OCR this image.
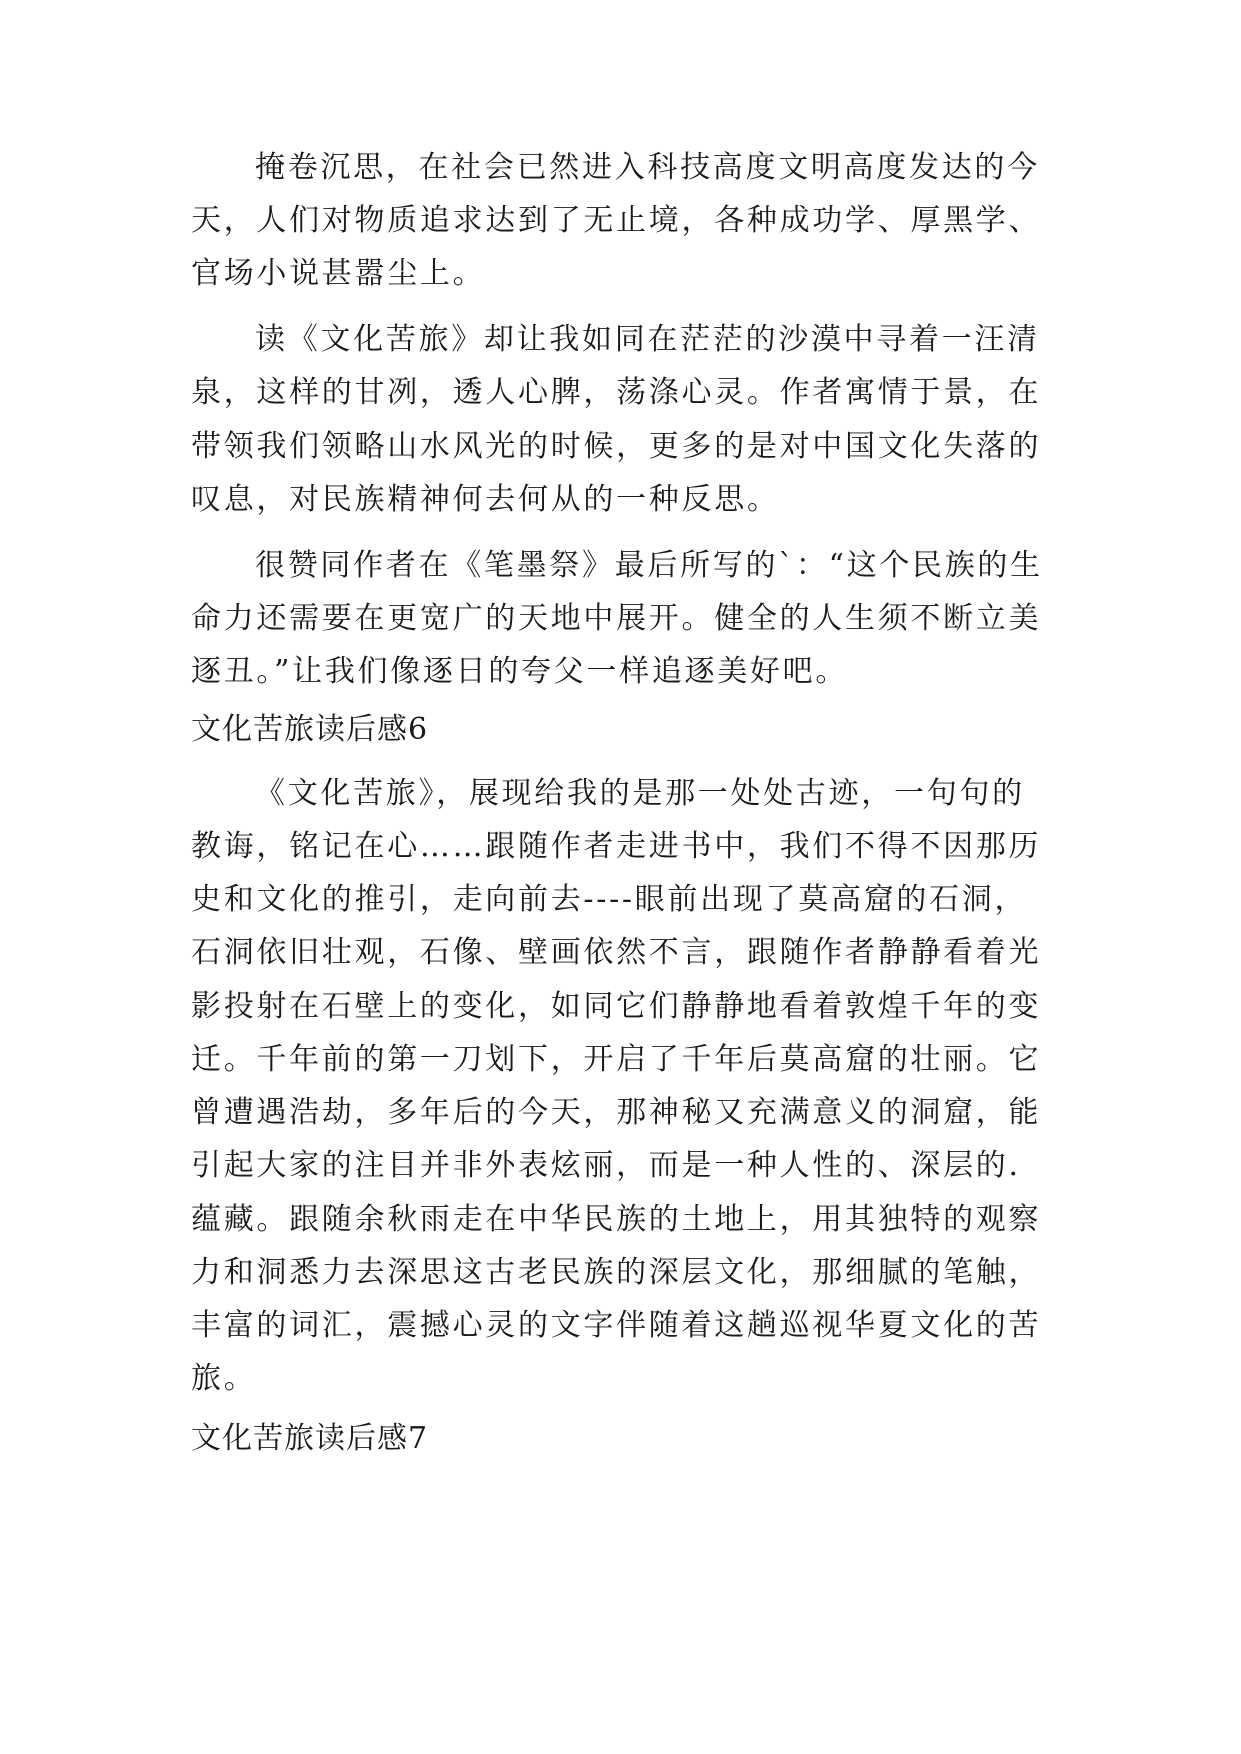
掩卷沉思，在社会已然进入科技高度文明高度发达的今
天，人们对物质追求达到了无止境，各种成功学、厚黑学、
官场小说甚嚣尘上。
读《文化苦旅》却让我如同在茫茫的沙漠中寻着一汪清
泉，这样的甘冽，透人心脾，荡涤心灵。作者寓情于景，在
带领我们领略山水风光的时候，更多的是对中国文化失落的
叹息，对民族精神何去何从的一种反思。
很赞同作者在《笔墨祭》最后所写的`：“这个民族的生
命力还需要在更宽广的天地中展开。健全的人生须不断立美
逐丑。”让我们像逐日的夸父一样追逐美好吧。
文化苦旅读后感6
《文化苦旅》，展现给我的是那一处处古迹，一句句的
教诲，铭记在心……跟随作者走进书中，我们不得不因那历
史和文化的推引，走向前去----眼前出现了莫高窟的石洞，
石洞依旧壮观，石像、壁画依然不言，跟随作者静静看着光
影投射在石壁上的变化，如同它们静静地看着敦煌千年的变
迁。千年前的第一刀划下，开启了千年后莫高窟的壮丽。它
曾遭遇浩劫，多年后的今天，那神秘又充满意义的洞窟，能
引起大家的注目并非外表炫丽，而是一种人性的、深层的.
蕴藏。跟随余秋雨走在中华民族的土地上，用其独特的观察
力和洞悉力去深思这古老民族的深层文化，那细腻的笔触，
丰富的词汇，震撼心灵的文字伴随着这趟巡视华夏文化的苦
旅。
文化苦旅读后感7
